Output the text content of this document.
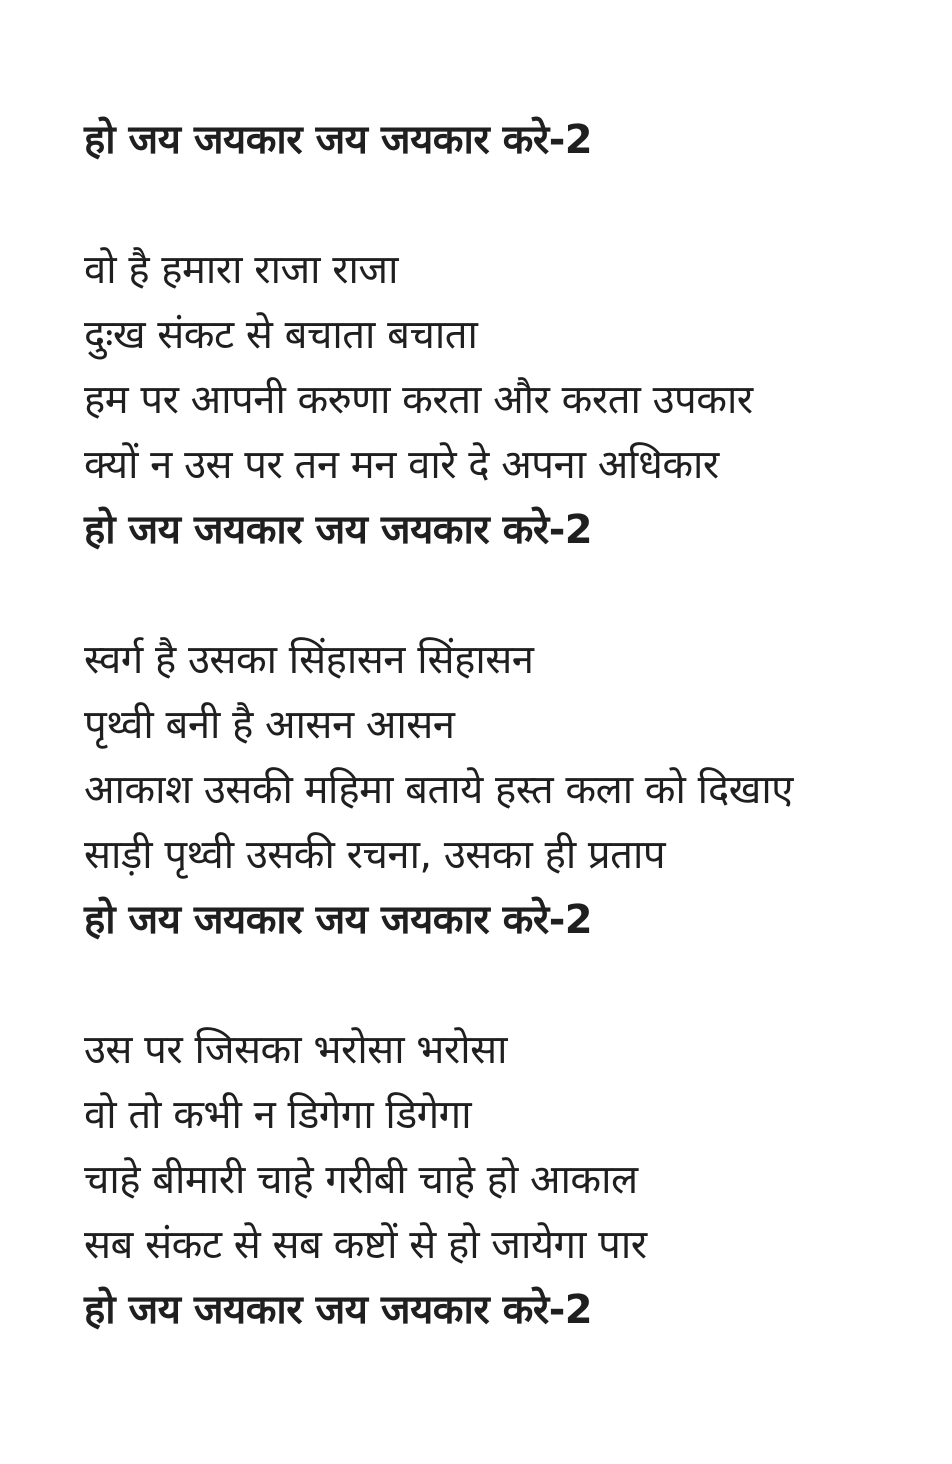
हो जय जयकार जय जयकार करे-2
वो है हमारा राजा राजा
दुःख संकट से बचाता बचाता
हम पर आपनी करुणा करता और करता उपकार
क्यों न उस पर तन मन वारे दे अपना अधिकार
हो जय जयकार जय जयकार करे-2
स्वर्ग है उसका सिंहासन सिंहासन
पृथ्वी बनी है आसन आसन
आकाश उसकी महिमा बताये हस्त कला को दिखाए
साड़ी पृथ्वी उसकी रचना, उसका ही प्रताप
हो जय जयकार जय जयकार करे-2
उस पर जिसका भरोसा भरोसा
वो तो कभी न डिगेगा डिगेगा
चाहे बीमारी चाहे गरीबी चाहे हो आकाल
सब संकट से सब कष्टों से हो जायेगा पार
हो जय जयकार जय जयकार करे-2
